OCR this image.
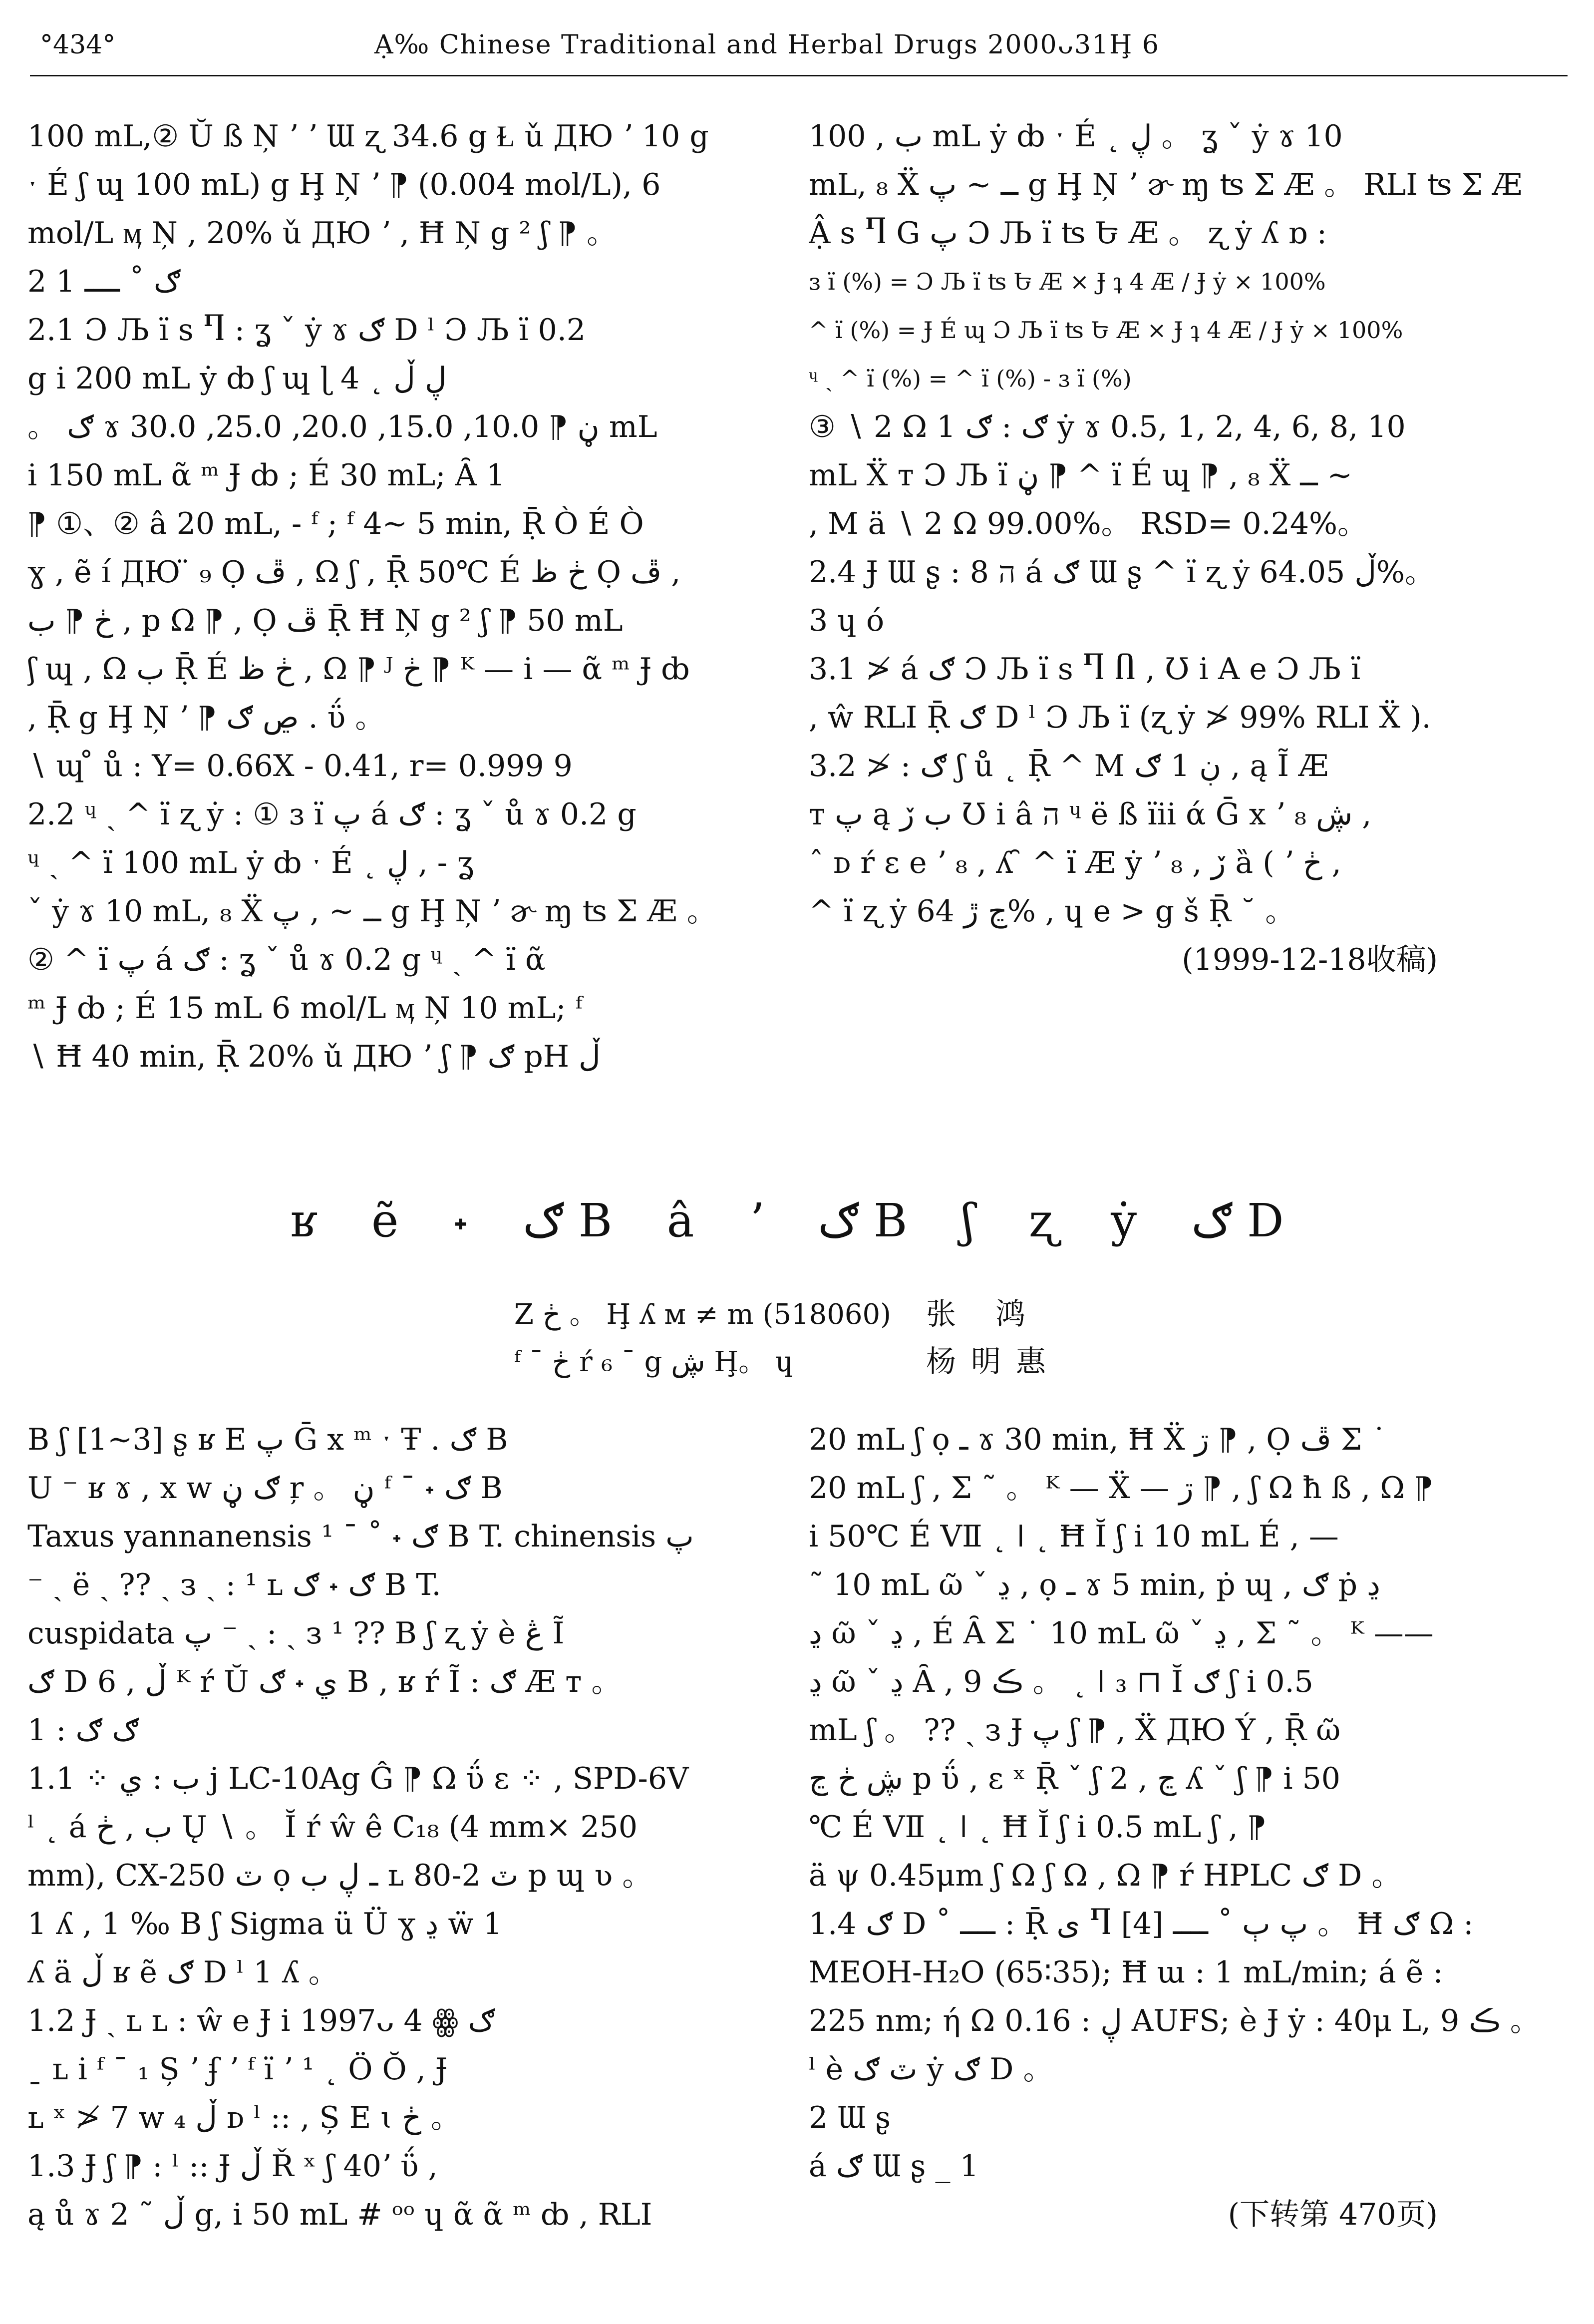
°434°	Ạ‰ Chinese Traditional and Herbal Drugs 2000ᴗ31Ḩ 6
100 mL,② Ŭ ß Ņ ʼ ʼ Ɯ ʐ 34.6 g Ɫ ǔ ДЮ ʼ 10 g
ˑ É ʃ ɰ 100 mL) g Ḩ Ņ ʼ ⁋ (0.004 mol/L), 6
mol/L ӎ Ņ , 20% ǔ ДЮ ʼ , Ħ Ņ g ² ʃ ⁋ 。
2 1 ګ ˚ ــــ
2.1 Ɔ Љ ï s Ⴄ : ʓ ˇ ẏ ɤ ګ D ˡ Ɔ Љ ï 0.2
g i 200 mL ẏ ȸ ʃ ɰ ɭ 4 ˛ ڸ ڵ
。 ګ ɤ ڼ ⁋ 10.0, 15.0, 20.0, 25.0, 30.0 mL
i 150 mL ᾶ ᵐ Ɉ ȸ ; É 30 mL; Ȃ 1
⁋ ①、② â 20 mL, - ᶠ ; ᶠ 4~ 5 min, Ṝ Ò É Ò
ɣ , ẽ í ДЮ ̈ ₉ Ọ ڦ , Ω ʃ , Ṝ 50℃ É ڂ ظ Ọ ڦ ,
ڂ ⁋ ب , p Ω ⁋ , Ọ ڦ Ṝ Ħ Ņ g ² ʃ ⁋ 50 mL
ʃ ɰ , Ω ب Ṝ É ڂ ظ , Ω ⁋ ᴶ ڂ ⁋ ᴷ — i — ᾶ ᵐ Ɉ ȸ
, Ṝ g Ḩ Ņ ʼ ⁋ ڝ ګ . ΰ 。
∖ ɰ ̊ ů : Y= 0.66X - 0.41, r= 0.999 9
2.2 ᶣ ˎ ^ ï ʐ ẏ : ① ɜ ï پ á ګ : ʓ ˇ ů ɤ 0.2 g
ᶣ ˎ ^ ï 100 mL ẏ ȸ ˑ É ˛ ڸ , - ʓ
ˇ ẏ ɤ 10 mL, ₈ Ẍ ــ ~ , پ g Ḩ Ņ ʼ ɚ ɱ ʦ Ʃ Æ 。
② ^ ï پ á ګ : ʓ ˇ ů ɤ 0.2 g ᶣ ˎ ^ ï ᾶ
ᵐ Ɉ ȸ ; É 15 mL 6 mol/L ӎ Ņ 10 mL; ᶠ
∖ Ħ 40 min, Ṝ 20% ǔ ДЮ ʼ ʃ ⁋ ګ pH ڵ
ب , 100 mL ẏ ȸ ˑ É ˛ ڸ 。 ʓ ˇ ẏ ɤ 10
mL, ₈ Ẍ ــ ~ پ g Ḩ Ņ ʼ ɚ ɱ ʦ Ʃ Æ 。 RLI ʦ Ʃ Æ
Ậ s Ⴄ G پ Ɔ Љ ï ʦ Ե Æ 。 ʐ ẏ ʎ ɒ :
ɜ ï (%) = Ɔ Љ ï ʦ Ե Æ × Ɉ ʇ 4 Æ / Ɉ ẏ × 100%
^ ï (%) = Ɉ É ɰ Ɔ Љ ï ʦ Ե Æ × Ɉ ʇ 4 Æ / Ɉ ẏ × 100%
ᶣ ˎ ^ ï (%) = ^ ï (%) - ɜ ï (%)
③ ∖ 2 Ω 1 ګ : ګ ẏ ɤ 0.5, 1, 2, 4, 6, 8, 10
mL Ẍ ᴛ Ɔ Љ ï ڼ ⁋ ^ ï É ɰ ⁋ , ₈ Ẍ ــ ~
, M ä ∖ 2 Ω 99.00%。 RSD= 0.24%。
2.4 Ɉ Ɯ ʂ : 8 ה á ګ Ɯ ʂ ^ ï ʐ ẏ ڵ 64.05%。
3 ɥ ó
3.1 ≯ á ګ Ɔ Љ ï s Ⴄ Ⴖ , Ʊ i A e Ɔ Љ ï
, ŵ RLI Ṝ ګ D ˡ Ɔ Љ ï (ʐ ẏ ≯ 99% RLI Ẍ ).
3.2 ≯ : ګ ʃ ů ˛ Ṝ ^ M ڹ 1 ګ , ą Ĩ Æ
ᴛ پ ą ب ڒ Ʊ i â ה ᶣ ë ß ïii ά Ḡ x ʼ ₈ ڜ ,
ˆ ᴅ ŕ ɛ e ʼ ₈ , ʎ ̑ ^ ï Æ ẏ ʼ ₈ , ڒ ȁ ( ʼ ڂ ,
^ ï ʐ ẏ ڃ ڙ 64% , ɥ e > g š Ṝ ˘ 。
(1999-12-18收稿)
ʁ ẽ ˖ ګ B â ʼ ګ B ʃ ʐ ẏ ګ D
Z ڂ 。 Ḩ ʎ ᴍ ≠ m (518060)	张 鸿
ᶠ ¯ ڂ ŕ ₆ ¯ g ڜ Ḩ。 ɥ	杨明惠
B ʃ [1~3] ʂ ʁ E پ Ḡ x ᵐ ˑ Ŧ . ګ B
U ⁻ ʁ ɤ , x w ګ ڼ ŗ 。 ڼ ᶠ ¯ ˖ ګ B
Taxus yannanensis ¹ ¯ ˚ ˖ ګ B T. chinensis پ
⁻ ˎ ë ˎ ?? ˎ з ˎ : ¹ ʟ ګ ˖ ګ B T.
cuspidata پ ⁻ ˎ : ˎ з ¹ ?? B ʃ ʐ ẏ è ڠ Ĩ
ګ D 6 , ڵ ᴷ ŕ Ŭ ي ˖ ګ B , ʁ ŕ Ĩ : ګ Æ ᴛ 。
1 : ګ ګ
1.1 ⁘ ب : ي j LC-10Ag Ĝ ⁋ Ω ΰ ε ⁘ , SPD-6V
ˡ ˛ á ب , ڂ Ų ∖ 。 Ĭ ŕ ŵ ê C₁₈ (4 mm× 250
mm), CX-250 ٽ ọ ـ ڸ ب ʟ 80-2 ٽ p ɰ ʋ 。
1 ʎ , 1 ‰ B ʃ Sigma ü Ü ɣ ڍ ẅ 1
ʎ ä ڵ ʁ ẽ ګ D ˡ 1 ʎ 。
1.2 Ɉ ˎ ʟ ʟ : ŵ e Ɉ i 1997ᴗ 4 ꙮ ګ
ˍ ʟ i ᶠ ¯ ₁ Ș ʼ ʄ ʼ ᶠ ï ʼ ¹ ˛ Ö Ŏ , Ɉ
ʟ ˣ ≯ 7 w ₄ ڵ ᴅ ˡ :: , Ș E ɩ ڂ 。
1.3 Ɉ ʃ ⁋ : ˡ :: Ɉ ڵ Ř ˣ ʃ 40ʼ ΰ ,
ą ů ɤ ڵ ˜ 2 g, i 50 mL # ᵒᵒ ɥ ᾶ ᾶ ᵐ ȸ , RLI
20 mL ʃ ọ ـ ɤ 30 min, Ħ Ẍ ڗ ⁋ , Ọ ڦ Σ ˙
20 mL ʃ , Σ ˜ 。 ᴷ — Ẍ — ڗ ⁋ , ʃ Ω ħ ß , Ω ⁋
i 50℃ É VⅡ ˛ ǀ ˛ Ħ Ĭ ʃ i 10 mL É , —
˜ 10 mL ῶ ˇ ڍ , ọ ـ ɤ 5 min, ṗ ɰ , ګ ṗ ڍ
ڍ ῶ ˇ ڍ , É Ȃ Σ ˙ 10 mL ῶ ˇ ڍ , Σ ˜ 。 ᴷ ——
ڍ ῶ ˇ ڍ Ȃ , 9 ڪ 。 ˛ ǀ ₃ ⊓ Ĭ ګ ʃ i 0.5
mL ʃ 。 ?? ˎ з Ɉ پ ʃ ⁋ , Ẍ ДЮ Ý , Ṝ ῶ
ڜ ڂ ڃ p ΰ , ɛ ˣ Ṝ ˇ ʃ ڃ , 2 ʎ ˇ ʃ ⁋ i 50
℃ É VⅡ ˛ ǀ ˛ Ħ Ĭ ʃ i 0.5 mL ʃ , ⁋
ä ψ 0.45μm ʃ Ω ʃ Ω , Ω ⁋ ŕ HPLC ګ D 。
1.4 ګ D ˚ ــــ : Ṝ ی Ⴄ [4] پ ٻ ˚ ــــ 。 Ħ ګ Ω :
MEOH-H₂O (65∶35); Ħ ɯ : 1 mL/min; á ẽ :
225 nm; ή Ω ڸ : 0.16 AUFS; è Ɉ ẏ : 40μ L, 9 ڪ 。
ˡ è ٽ ګ ẏ ګ D 。
2 Ɯ ʂ
á ګ Ɯ ʂ _ 1
(下转第 470页)
